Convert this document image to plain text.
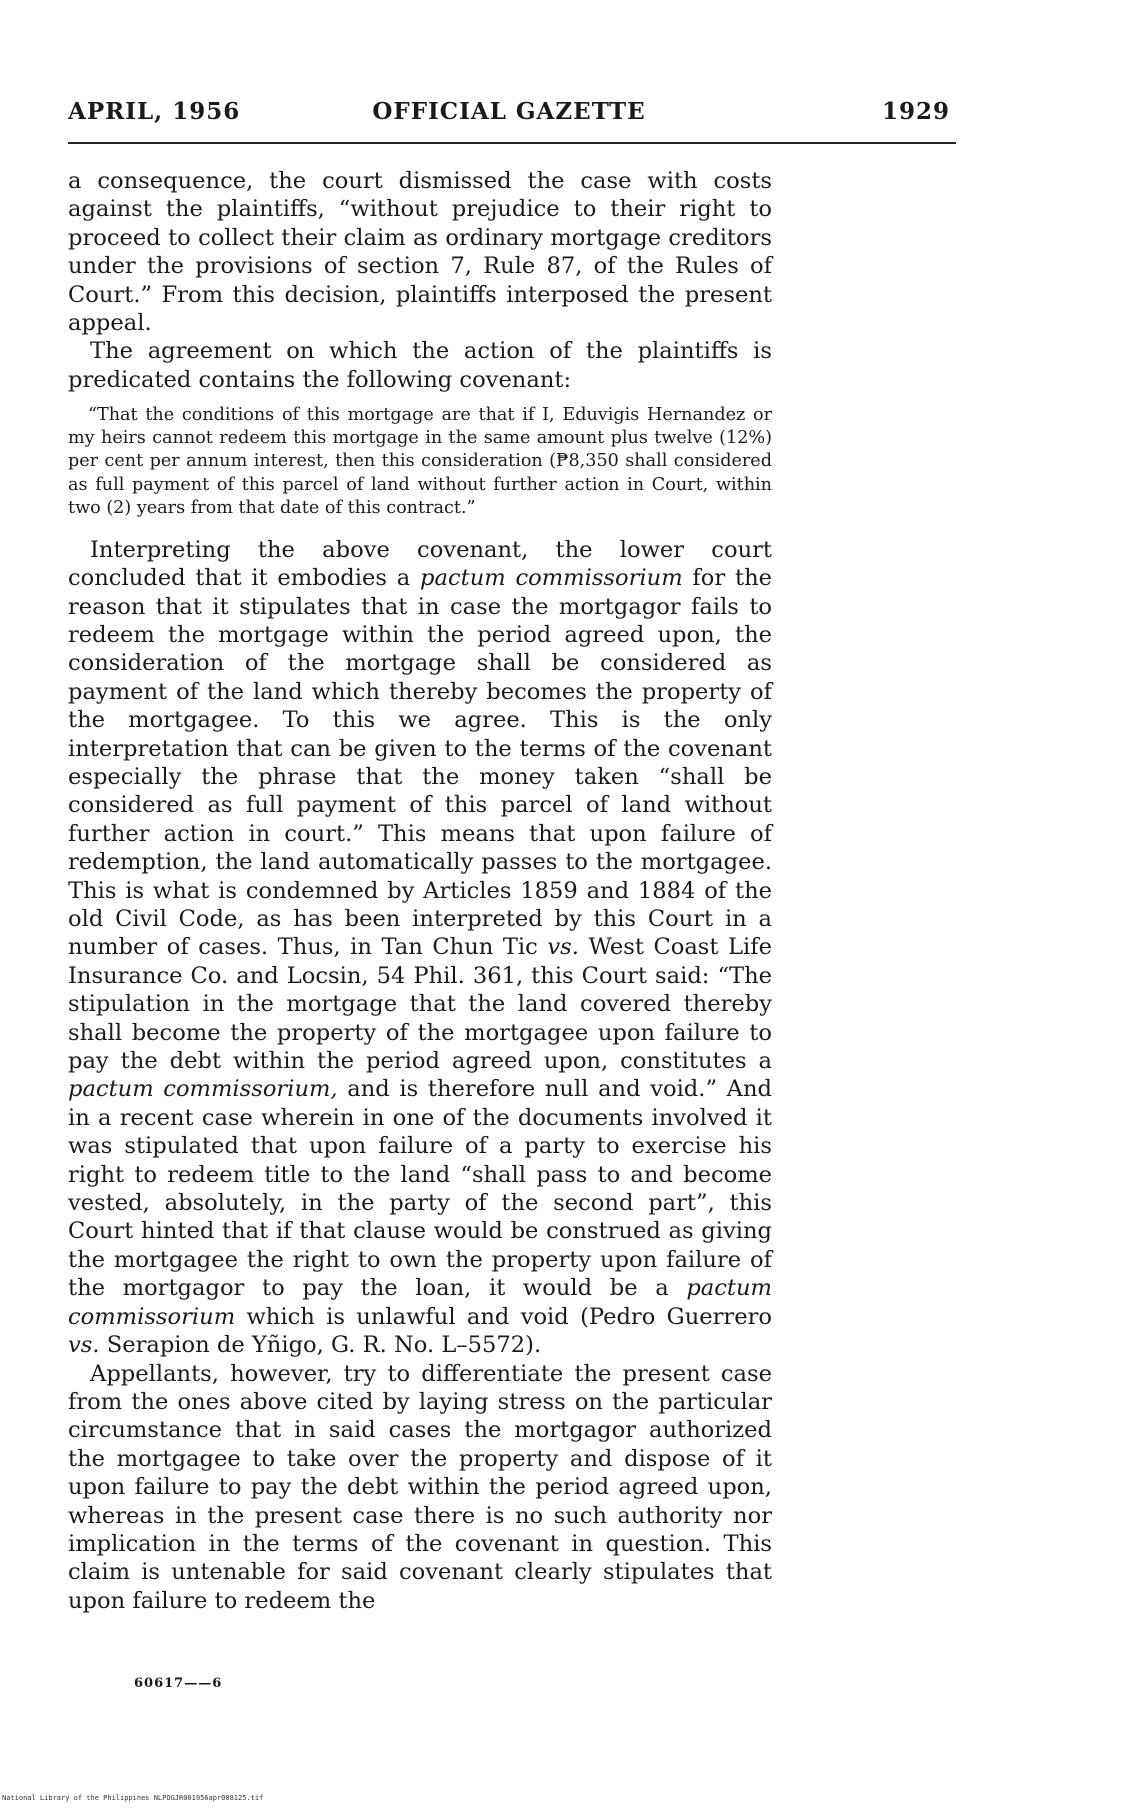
APRIL, 1956	OFFICIAL GAZETTE	1929

a consequence, the court dismissed the case with costs against the plaintiffs, “without prejudice to their right to proceed to collect their claim as ordinary mortgage creditors under the provisions of section 7, Rule 87, of the Rules of Court.” From this decision, plaintiffs interposed the present appeal.

The agreement on which the action of the plaintiffs is predicated contains the following covenant:

“That the conditions of this mortgage are that if I, Eduvigis Hernandez or my heirs cannot redeem this mortgage in the same amount plus twelve (12%) per cent per annum interest, then this consideration (₱8,350 shall considered as full payment of this parcel of land without further action in Court, within two (2) years from that date of this contract.”

Interpreting the above covenant, the lower court concluded that it embodies a pactum commissorium for the reason that it stipulates that in case the mortgagor fails to redeem the mortgage within the period agreed upon, the consideration of the mortgage shall be considered as payment of the land which thereby becomes the property of the mortgagee. To this we agree. This is the only interpretation that can be given to the terms of the covenant especially the phrase that the money taken “shall be considered as full payment of this parcel of land without further action in court.” This means that upon failure of redemption, the land automatically passes to the mortgagee. This is what is condemned by Articles 1859 and 1884 of the old Civil Code, as has been interpreted by this Court in a number of cases. Thus, in Tan Chun Tic vs. West Coast Life Insurance Co. and Locsin, 54 Phil. 361, this Court said: “The stipulation in the mortgage that the land covered thereby shall become the property of the mortgagee upon failure to pay the debt within the period agreed upon, constitutes a pactum commissorium, and is therefore null and void.” And in a recent case wherein in one of the documents involved it was stipulated that upon failure of a party to exercise his right to redeem title to the land “shall pass to and become vested, absolutely, in the party of the second part”, this Court hinted that if that clause would be construed as giving the mortgagee the right to own the property upon failure of the mortgagor to pay the loan, it would be a pactum commissorium which is unlawful and void (Pedro Guerrero vs. Serapion de Yñigo, G. R. No. L–5572).

Appellants, however, try to differentiate the present case from the ones above cited by laying stress on the particular circumstance that in said cases the mortgagor authorized the mortgagee to take over the property and dispose of it upon failure to pay the debt within the period agreed upon, whereas in the present case there is no such authority nor implication in the terms of the covenant in question. This claim is untenable for said covenant clearly stipulates that upon failure to redeem the

60617——6
National Library of the Philippines NLPOGJR001956apr008125.tif
